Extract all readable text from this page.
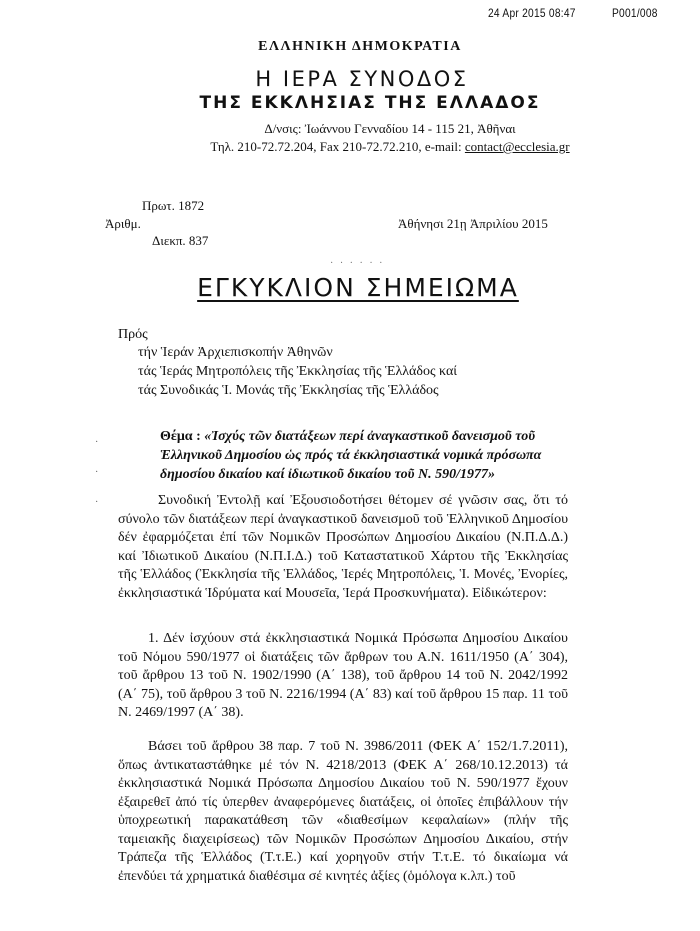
24 Apr 2015 08:47	P001/008
ΕΛΛΗΝΙΚΗ ΔΗΜΟΚΡΑΤΙΑ
Η ΙΕΡΑ ΣΥΝΟΔΟΣ
ΤΗΣ ΕΚΚΛΗΣΙΑΣ ΤΗΣ ΕΛΛΑΔΟΣ
Δ/νσις: Ἰωάννου Γενναδίου 14 - 115 21, Ἀθῆναι
Τηλ. 210-72.72.204, Fax 210-72.72.210, e-mail: contact@ecclesia.gr
Πρωτ. 1872
Ἀριθμ.
Διεκπ. 837
Ἀθήνησι 21ῃ Ἀπριλίου 2015
· · · · · ·
ΕΓΚΥΚΛΙΟΝ ΣΗΜΕΙΩΜΑ
Πρός
τήν Ἱεράν Ἀρχιεπισκοπήν Ἀθηνῶν
τάς Ἱεράς Μητροπόλεις τῆς Ἐκκλησίας τῆς Ἑλλάδος καί
τάς Συνοδικάς Ἱ. Μονάς τῆς Ἐκκλησίας τῆς Ἑλλάδος
·
·
·
Θέμα : «Ἰσχύς τῶν διατάξεων περί ἀναγκαστικοῦ δανεισμοῦ τοῦ Ἑλληνικοῦ Δημοσίου ὡς πρός τά ἐκκλησιαστικά νομικά πρόσωπα δημοσίου δικαίου καί ἰδιωτικοῦ δικαίου τοῦ Ν. 590/1977»
Συνοδική Ἐντολῇ καί Ἐξουσιοδοτήσει θέτομεν σέ γνῶσιν σας, ὅτι τό σύνολο τῶν διατάξεων περί ἀναγκαστικοῦ δανεισμοῦ τοῦ Ἑλληνικοῦ Δημοσίου δέν ἐφαρμόζεται ἐπί τῶν Νομικῶν Προσώπων Δημοσίου Δικαίου (Ν.Π.Δ.Δ.) καί Ἰδιωτικοῦ Δικαίου (Ν.Π.Ι.Δ.) τοῦ Καταστατικοῦ Χάρτου τῆς Ἐκκλησίας τῆς Ἑλλάδος (Ἐκκλησία τῆς Ἑλλάδος, Ἱερές Μητροπόλεις, Ἱ. Μονές, Ἐνορίες, ἐκκλησιαστικά Ἱδρύματα καί Μουσεῖα, Ἱερά Προσκυνήματα). Εἰδικώτερον:
1. Δέν ἰσχύουν στά ἐκκλησιαστικά Νομικά Πρόσωπα Δημοσίου Δικαίου τοῦ Νόμου 590/1977 οἱ διατάξεις τῶν ἄρθρων του Α.Ν. 1611/1950 (Α΄ 304), τοῦ ἄρθρου 13 τοῦ Ν. 1902/1990 (Α΄ 138), τοῦ ἄρθρου 14 τοῦ Ν. 2042/1992 (Α΄ 75), τοῦ ἄρθρου 3 τοῦ Ν. 2216/1994 (Α΄ 83) καί τοῦ ἄρθρου 15 παρ. 11 τοῦ Ν. 2469/1997 (Α΄ 38).
Βάσει τοῦ ἄρθρου 38 παρ. 7 τοῦ Ν. 3986/2011 (ΦΕΚ Α΄ 152/1.7.2011), ὅπως ἀντικαταστάθηκε μέ τόν Ν. 4218/2013 (ΦΕΚ Α΄ 268/10.12.2013) τά ἐκκλησιαστικά Νομικά Πρόσωπα Δημοσίου Δικαίου τοῦ Ν. 590/1977 ἔχουν ἐξαιρεθεῖ ἀπό τίς ὑπερθεν ἀναφερόμενες διατάξεις, οἱ ὁποῖες ἐπιβάλλουν τήν ὑποχρεωτική παρακατάθεση τῶν «διαθεσίμων κεφαλαίων» (πλήν τῆς ταμειακῆς διαχειρίσεως) τῶν Νομικῶν Προσώπων Δημοσίου Δικαίου, στήν Τράπεζα τῆς Ἑλλάδος (Τ.τ.Ε.) καί χορηγοῦν στήν Τ.τ.Ε. τό δικαίωμα νά ἐπενδύει τά χρηματικά διαθέσιμα σέ κινητές ἀξίες (ὁμόλογα κ.λπ.) τοῦ
